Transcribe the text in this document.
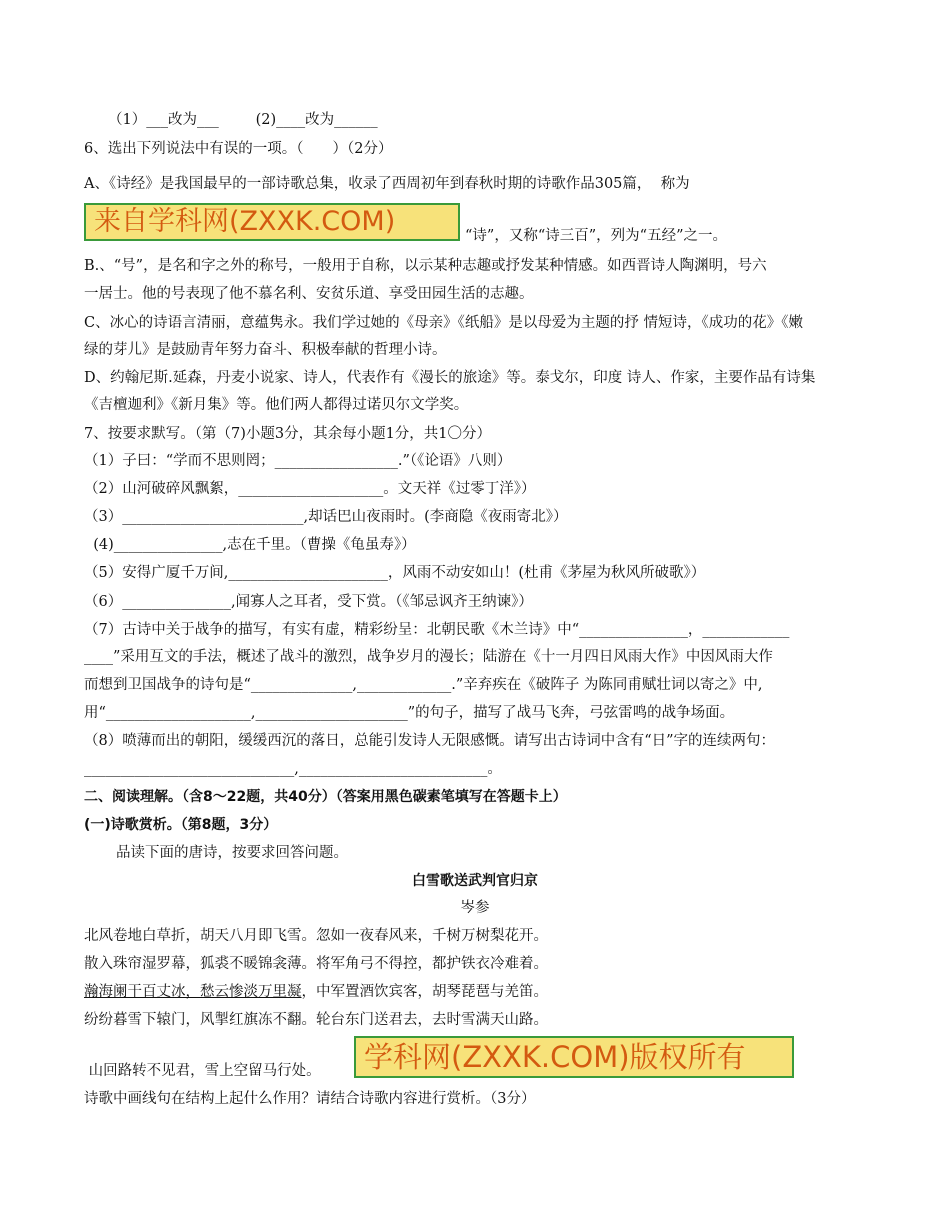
（1）___改为___        (2)____改为______
6、选出下列说法中有误的一项。（　　）（2分）
A、《诗经》是我国最早的一部诗歌总集，收录了西周初年到春秋时期的诗歌作品305篇，  称为
来自学科网(ZXXK.COM)	“诗”，又称“诗三百”，列为“五经”之一。
B.、“号”，是名和字之外的称号，一般用于自称，以示某种志趣或抒发某种情感。如西晋诗人陶渊明，号六
一居士。他的号表现了他不慕名利、安贫乐道、享受田园生活的志趣。
C、冰心的诗语言清丽，意蕴隽永。我们学过她的《母亲》《纸船》是以母爱为主题的抒 情短诗，《成功的花》《嫩
绿的芽儿》是鼓励青年努力奋斗、积极奉献的哲理小诗。
D、约翰尼斯.延森，丹麦小说家、诗人，代表作有《漫长的旅途》等。泰戈尔，印度 诗人、作家，主要作品有诗集
《吉檀迦利》《新月集》等。他们两人都得过诺贝尔文学奖。
7、按要求默写。（第（7)小题3分，其余每小题1分，共1〇分）
（1）子曰：“学而不思则罔；_________________.”（《论语》八则）
（2）山河破碎风飘絮，____________________。文天祥《过零丁洋》）
（3）_________________________,却话巴山夜雨时。(李商隐《夜雨寄北》）
(4)_______________,志在千里。（曹操《龟虽寿》）
（5）安得广厦千万间,______________________，风雨不动安如山！(杜甫《茅屋为秋风所破歌》）
（6）_______________,闻寡人之耳者，受下赏。（《邹忌讽齐王纳谏》）
（7）古诗中关于战争的描写，有实有虚，精彩纷呈：北朝民歌《木兰诗》中“_______________，____________
____”采用互文的手法，概述了战斗的激烈，战争岁月的漫长；陆游在《十一月四日风雨大作》中因风雨大作
而想到卫国战争的诗句是“______________,_____________.”辛弃疾在《破阵子 为陈同甫赋壮词以寄之》中,
用“____________________,_____________________”的句子，描写了战马飞奔，弓弦雷鸣的战争场面。
（8）喷薄而出的朝阳，缓缓西沉的落日，总能引发诗人无限感慨。请写出古诗词中含有“日”字的连续两句：
_____________________________,__________________________。
二、阅读理解。（含8～22题，共40分）（答案用黑色碳素笔填写在答题卡上）
(一)诗歌赏析。（第8题，3分）
品读下面的唐诗，按要求回答问题。
白雪歌送武判官归京
岑参
北风卷地白草折，胡天八月即飞雪。忽如一夜春风来，千树万树梨花开。
散入珠帘湿罗幕，狐裘不暖锦衾薄。将军角弓不得控，都护铁衣冷难着。
瀚海阑干百丈冰，愁云惨淡万里凝，中军置酒饮宾客，胡琴琵琶与羌笛。
纷纷暮雪下辕门，风掣红旗冻不翻。轮台东门送君去，去时雪满天山路。
山回路转不见君，雪上空留马行处。	学科网(ZXXK.COM)版权所有
诗歌中画线句在结构上起什么作用？请结合诗歌内容进行赏析。（3分）
